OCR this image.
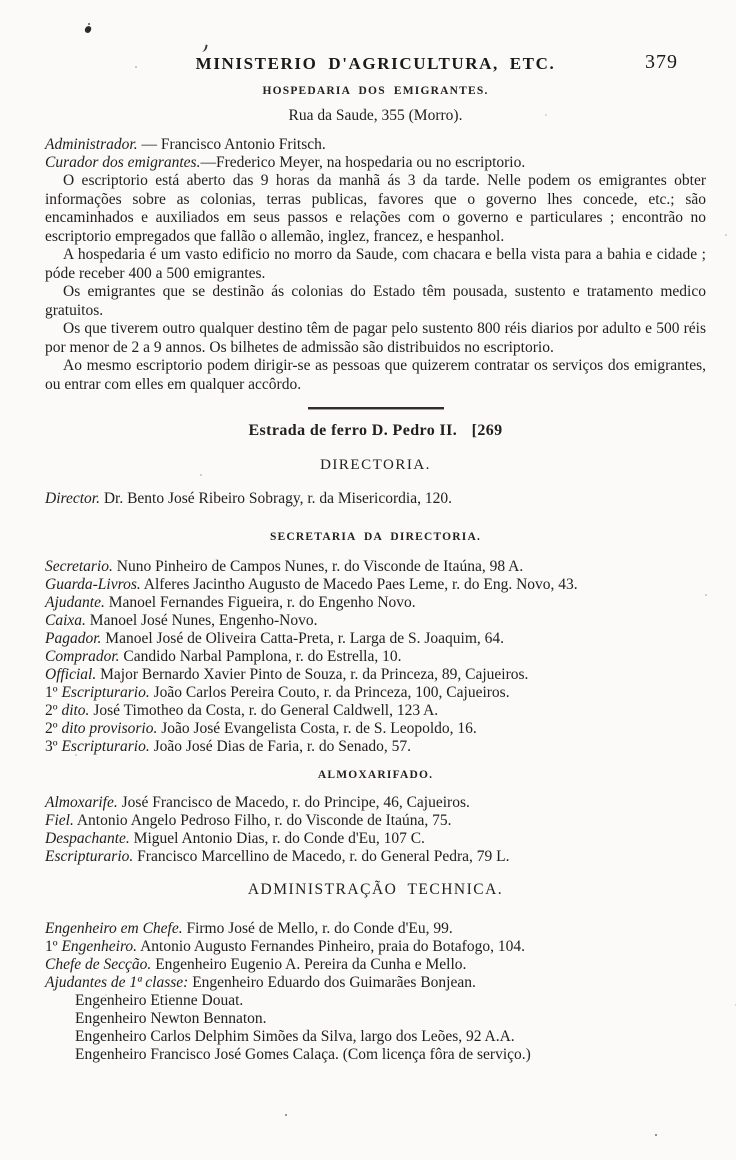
MINISTERIO D'AGRICULTURA, ETC.	379
HOSPEDARIA DOS EMIGRANTES.
Rua da Saude, 355 (Morro).
Administrador. — Francisco Antonio Fritsch.
Curador dos emigrantes.—Frederico Meyer, na hospedaria ou no escriptorio.

O escriptorio está aberto das 9 horas da manhã ás 3 da tarde. Nelle podem os emigrantes obter informações sobre as colonias, terras publicas, favores que o governo lhes concede, etc.; são encaminhados e auxiliados em seus passos e relações com o governo e particulares ; encontrão no escriptorio empregados que fallão o allemão, inglez, francez, e hespanhol.

A hospedaria é um vasto edificio no morro da Saude, com chacara e bella vista para a bahia e cidade ; póde receber 400 a 500 emigrantes.

Os emigrantes que se destinão ás colonias do Estado têm pousada, sustento e tratamento medico gratuitos.

Os que tiverem outro qualquer destino têm de pagar pelo sustento 800 réis diarios por adulto e 500 réis por menor de 2 a 9 annos. Os bilhetes de admissão são distribuidos no escriptorio.

Ao mesmo escriptorio podem dirigir-se as pessoas que quizerem contratar os serviços dos emigrantes, ou entrar com elles em qualquer accôrdo.

Estrada de ferro D. Pedro II. [269
DIRECTORIA.
Director. Dr. Bento José Ribeiro Sobragy, r. da Misericordia, 120.
SECRETARIA DA DIRECTORIA.
Secretario. Nuno Pinheiro de Campos Nunes, r. do Visconde de Itaúna, 98 A.
Guarda-Livros. Alferes Jacintho Augusto de Macedo Paes Leme, r. do Eng. Novo, 43.
Ajudante. Manoel Fernandes Figueira, r. do Engenho Novo.
Caixa. Manoel José Nunes, Engenho-Novo.
Pagador. Manoel José de Oliveira Catta-Preta, r. Larga de S. Joaquim, 64.
Comprador. Candido Narbal Pamplona, r. do Estrella, 10.
Official. Major Bernardo Xavier Pinto de Souza, r. da Princeza, 89, Cajueiros.
1º Escripturario. João Carlos Pereira Couto, r. da Princeza, 100, Cajueiros.
2º dito. José Timotheo da Costa, r. do General Caldwell, 123 A.
2º dito provisorio. João José Evangelista Costa, r. de S. Leopoldo, 16.
3º Escripturario. João José Dias de Faria, r. do Senado, 57.
ALMOXARIFADO.
Almoxarife. José Francisco de Macedo, r. do Principe, 46, Cajueiros.
Fiel. Antonio Angelo Pedroso Filho, r. do Visconde de Itaúna, 75.
Despachante. Miguel Antonio Dias, r. do Conde d'Eu, 107 C.
Escripturario. Francisco Marcellino de Macedo, r. do General Pedra, 79 L.
ADMINISTRAÇÃO TECHNICA.
Engenheiro em Chefe. Firmo José de Mello, r. do Conde d'Eu, 99.
1º Engenheiro. Antonio Augusto Fernandes Pinheiro, praia do Botafogo, 104.
Chefe de Secção. Engenheiro Eugenio A. Pereira da Cunha e Mello.
Ajudantes de 1ª classe: Engenheiro Eduardo dos Guimarães Bonjean.
Engenheiro Etienne Douat.
Engenheiro Newton Bennaton.
Engenheiro Carlos Delphim Simões da Silva, largo dos Leões, 92 A.A.
Engenheiro Francisco José Gomes Calaça. (Com licença fôra de serviço.)
